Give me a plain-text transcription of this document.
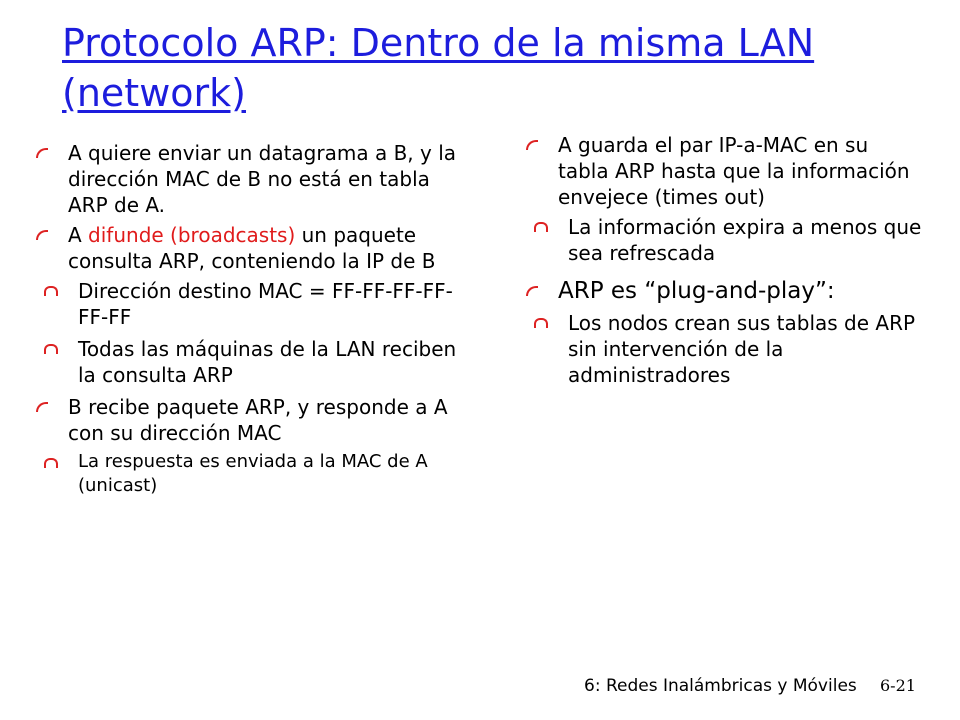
Protocolo ARP: Dentro de la misma LAN (network)
A quiere enviar un datagrama a B, y la dirección MAC de B no está en tabla ARP de A.
A difunde (broadcasts) un paquete consulta ARP, conteniendo la IP de B
Dirección destino MAC = FF-FF-FF-FF-FF-FF
Todas las máquinas de la LAN reciben la consulta ARP
B recibe paquete ARP, y responde a A con su dirección MAC
La respuesta es enviada a la MAC de A (unicast)
A guarda el par IP-a-MAC en su tabla ARP hasta que la información envejece (times out)
La información expira a menos que sea refrescada
ARP es “plug-and-play”:
Los nodos crean sus tablas de ARP sin intervención de la administradores
6: Redes Inalámbricas y Móviles 6-21
